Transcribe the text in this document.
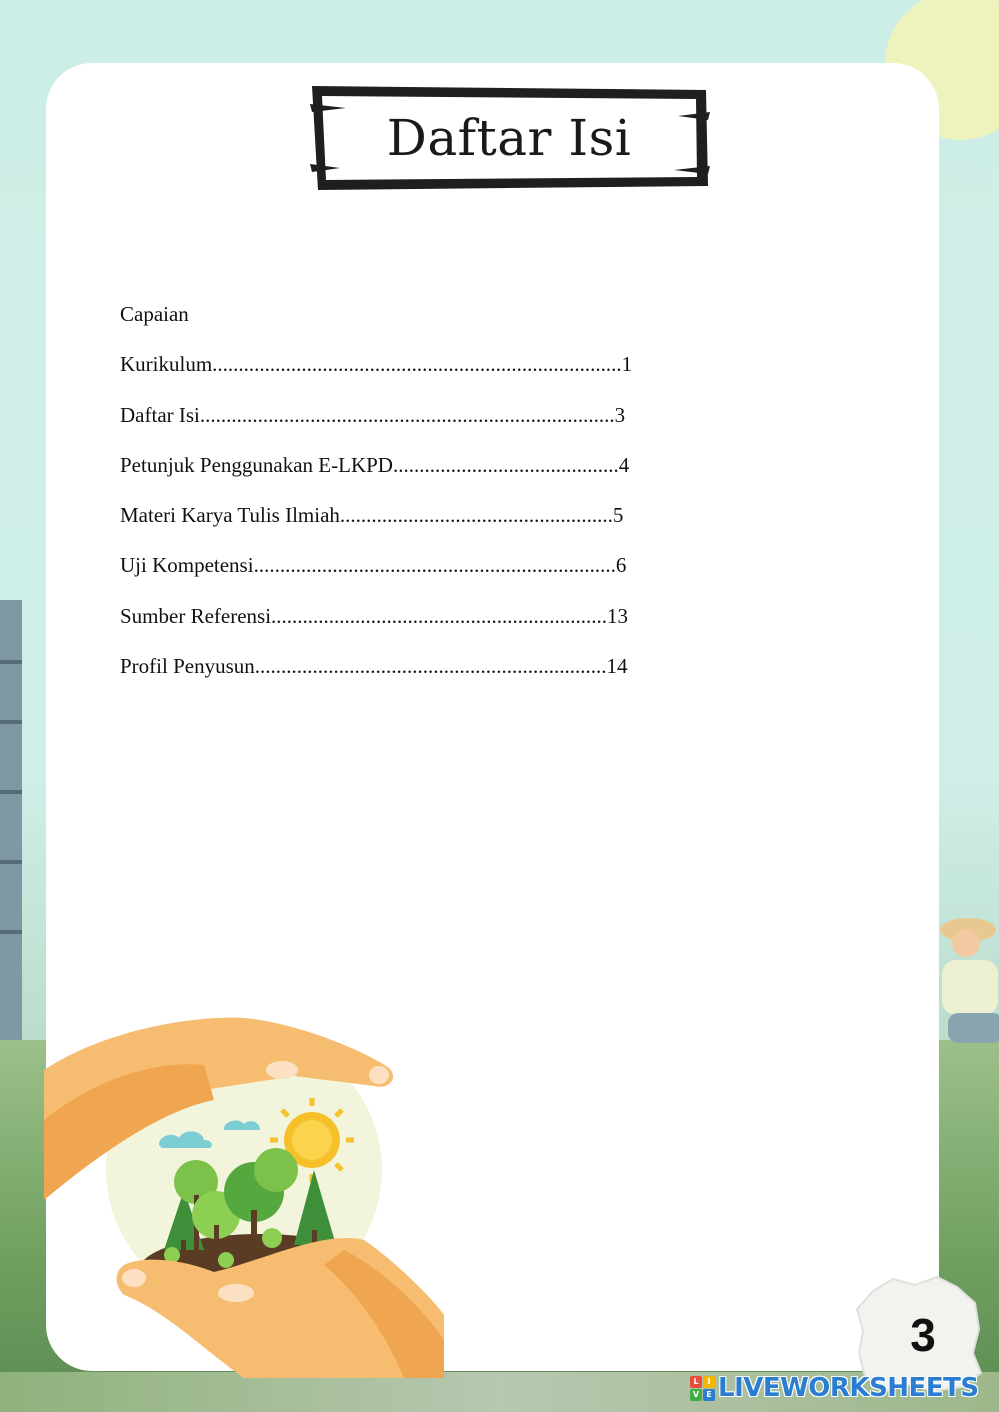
Daftar Isi
Capaian
Kurikulum..............................................................................1
Daftar Isi...............................................................................3
Petunjuk Penggunakan E-LKPD...........................................4
Materi Karya Tulis Ilmiah....................................................5
Uji Kompetensi.....................................................................6
Sumber Referensi................................................................13
Profil Penyusun...................................................................14
3
L	I
V E LIVEWORKSHEETS
